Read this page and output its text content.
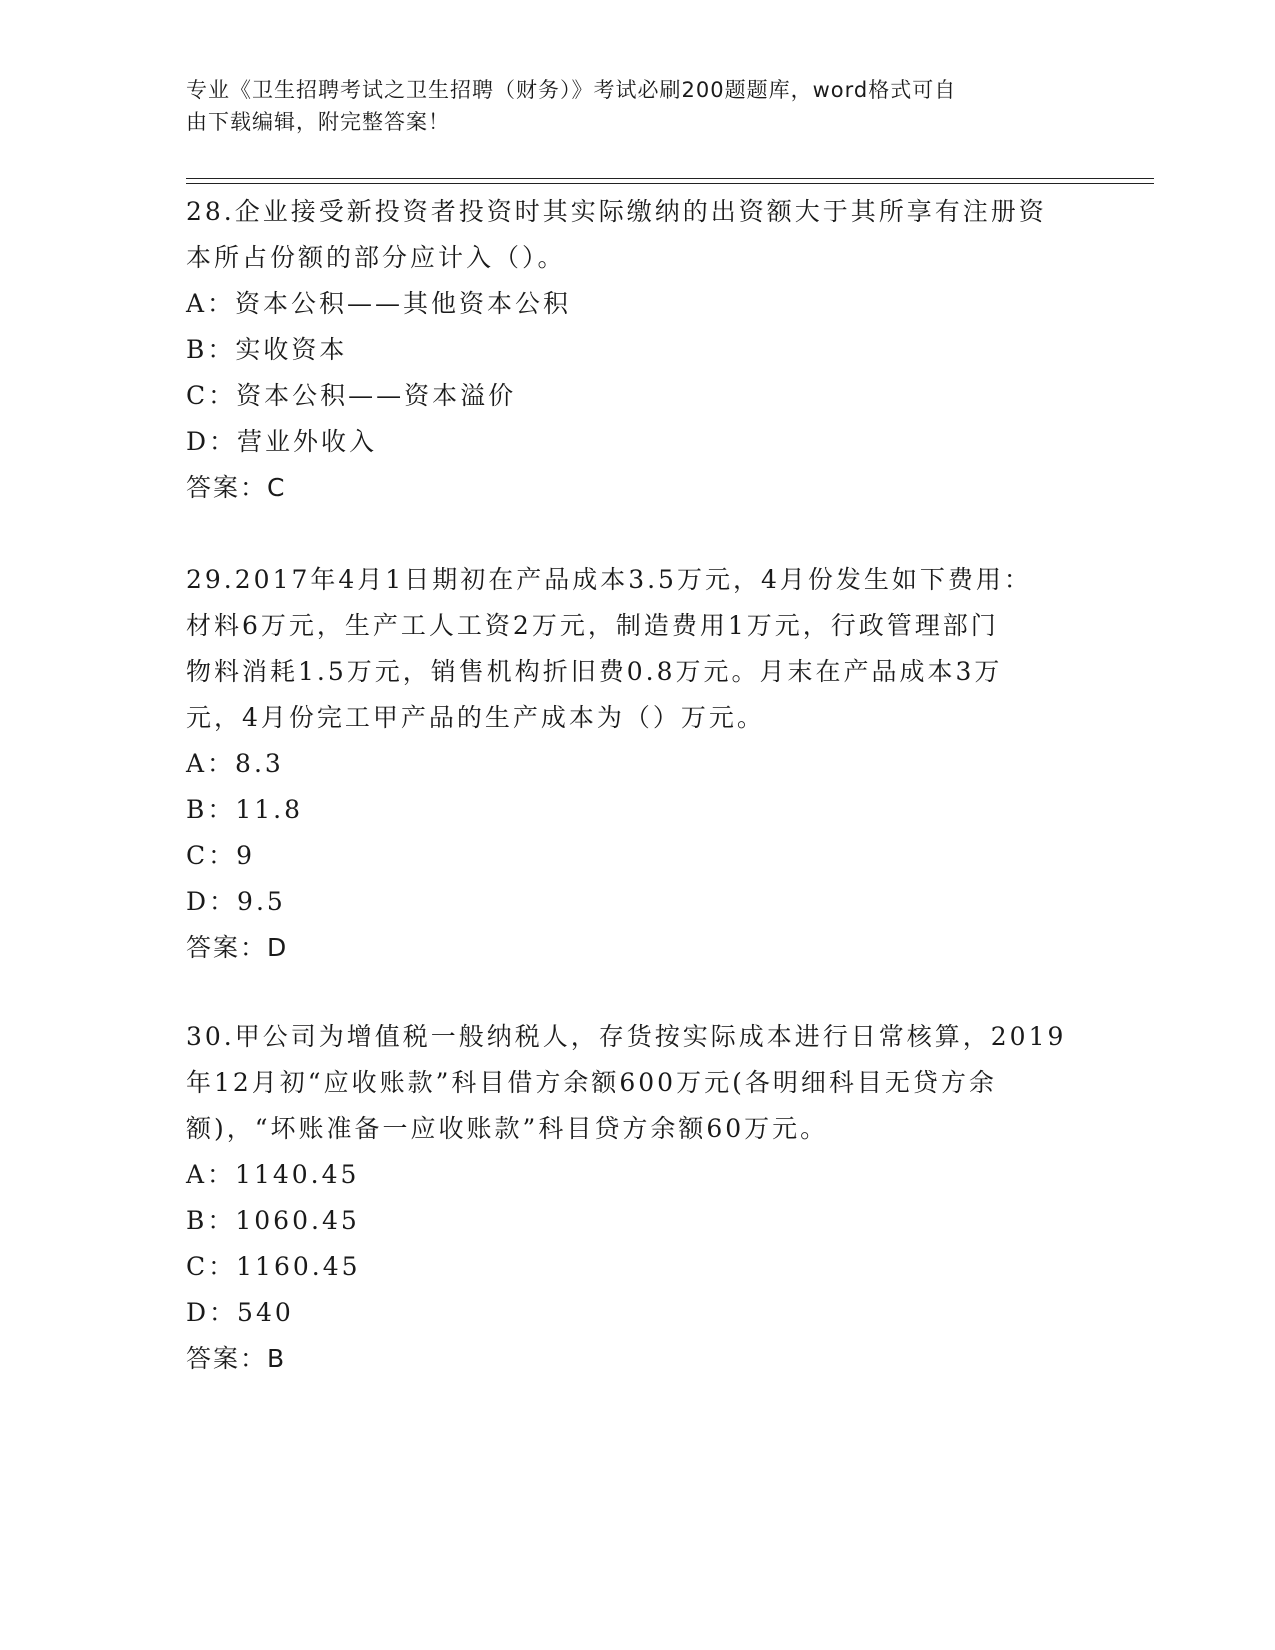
专业《卫生招聘考试之卫生招聘（财务）》考试必刷200题题库，word格式可自
由下载编辑，附完整答案！

28.企业接受新投资者投资时其实际缴纳的出资额大于其所享有注册资

本所占份额的部分应计入（）。

A：资本公积——其他资本公积

B：实收资本

C：资本公积——资本溢价

D：营业外收入

答案：C

29.2017年4月1日期初在产品成本3.5万元，4月份发生如下费用：

材料6万元，生产工人工资2万元，制造费用1万元，行政管理部门

物料消耗1.5万元，销售机构折旧费0.8万元。月末在产品成本3万

元，4月份完工甲产品的生产成本为（）万元。

A：8.3

B：11.8

C：9

D：9.5

答案：D

30.甲公司为增值税一般纳税人，存货按实际成本进行日常核算，2019

年12月初“应收账款”科目借方余额600万元(各明细科目无贷方余

额)，“坏账准备一应收账款”科目贷方余额60万元。

A：1140.45

B：1060.45

C：1160.45

D：540

答案：B
